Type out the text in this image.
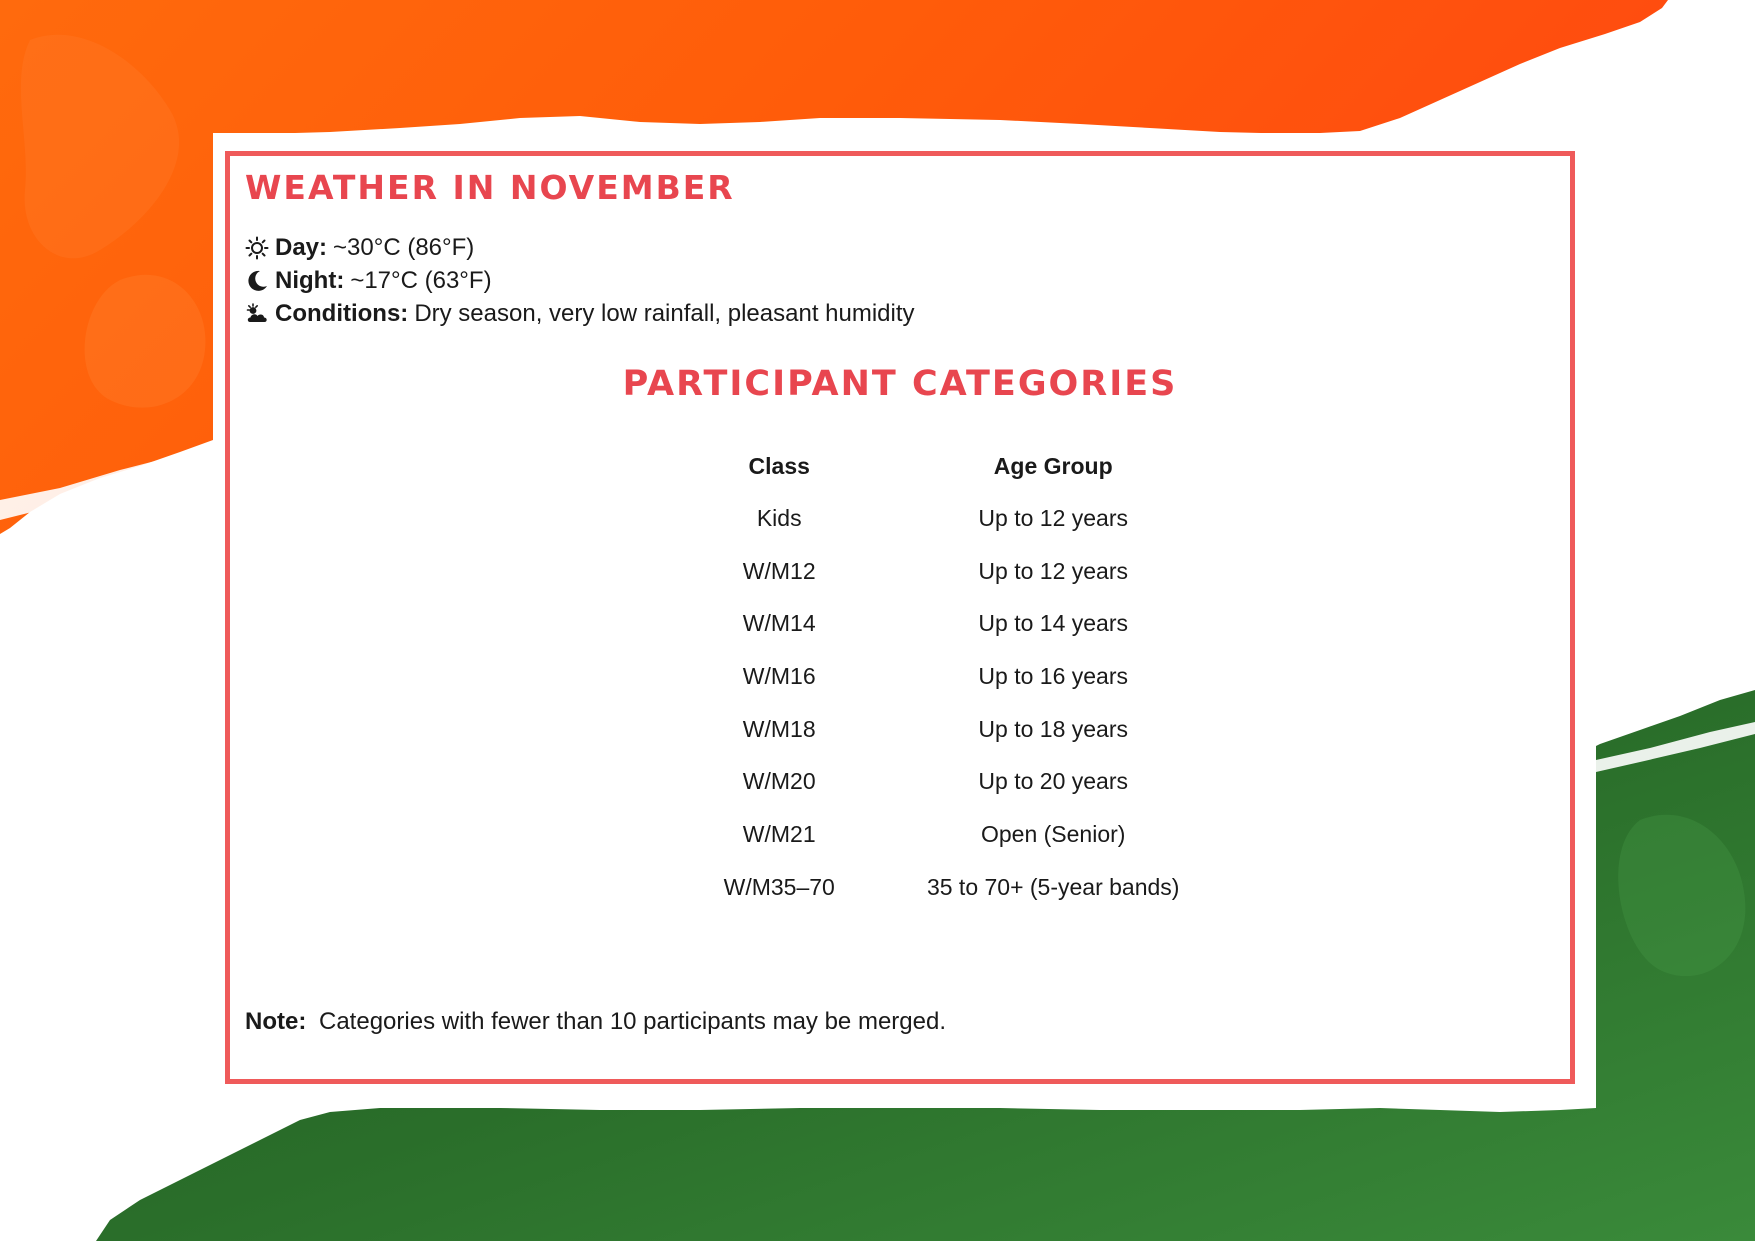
WEATHER IN NOVEMBER
Day: ~30°C (86°F)
Night: ~17°C (63°F)
Conditions: Dry season, very low rainfall, pleasant humidity
PARTICIPANT CATEGORIES
Class	Age Group
Kids	Up to 12 years
W/M12	Up to 12 years
W/M14	Up to 14 years
W/M16	Up to 16 years
W/M18	Up to 18 years
W/M20	Up to 20 years
W/M21	Open (Senior)
W/M35–70	35 to 70+ (5-year bands)
Note: Categories with fewer than 10 participants may be merged.
